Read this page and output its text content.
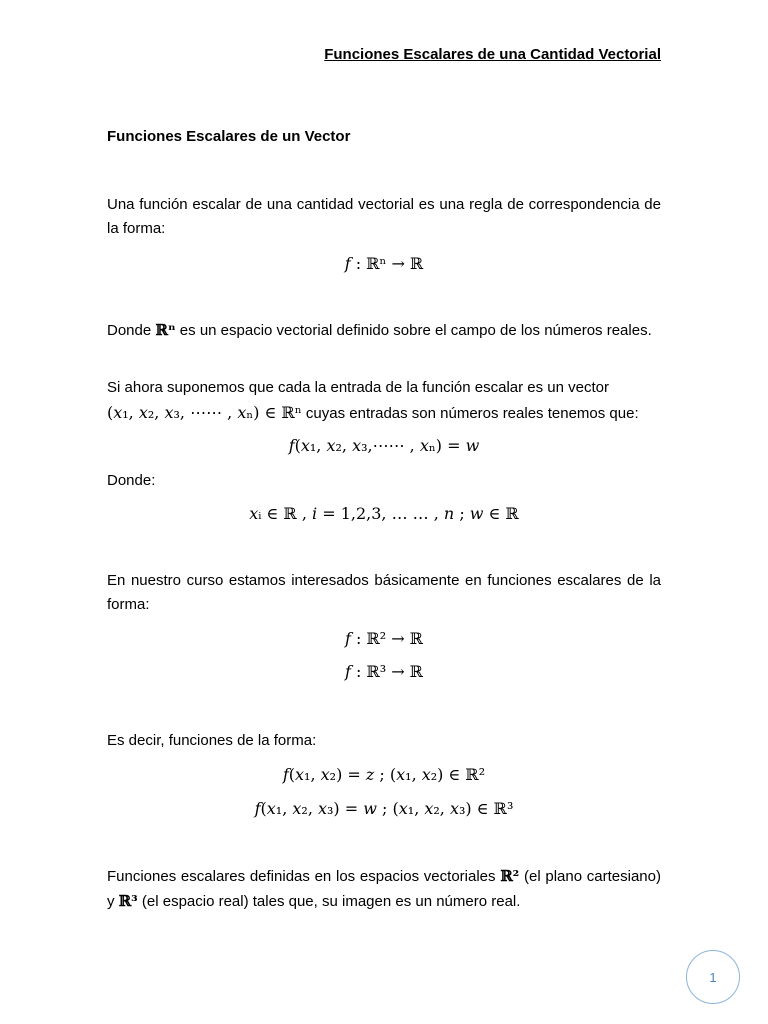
Funciones Escalares de una Cantidad Vectorial
Funciones Escalares de un Vector
Una función escalar de una cantidad vectorial es una regla de correspondencia de la forma:
𝑓 : ℝⁿ → ℝ
Donde ℝⁿ es un espacio vectorial definido sobre el campo de los números reales.
Si ahora suponemos que cada la entrada de la función escalar es un vector
(𝑥₁, 𝑥₂, 𝑥₃, ⋯⋯ , 𝑥ₙ) ∈ ℝⁿ cuyas entradas son números reales tenemos que:
𝑓(𝑥₁, 𝑥₂, 𝑥₃,⋯⋯ , 𝑥ₙ) = 𝑤
Donde:
𝑥ᵢ ∈ ℝ , 𝑖 = 1,2,3, … … , 𝑛 ; 𝑤 ∈ ℝ
En nuestro curso estamos interesados básicamente en funciones escalares de la forma:
𝑓 : ℝ² → ℝ
𝑓 : ℝ³ → ℝ
Es decir, funciones de la forma:
𝑓(𝑥₁, 𝑥₂) = 𝑧 ; (𝑥₁, 𝑥₂) ∈ ℝ²
𝑓(𝑥₁, 𝑥₂, 𝑥₃) = 𝑤 ; (𝑥₁, 𝑥₂, 𝑥₃) ∈ ℝ³
Funciones escalares definidas en los espacios vectoriales ℝ² (el plano cartesiano) y ℝ³ (el espacio real) tales que, su imagen es un número real.
1
